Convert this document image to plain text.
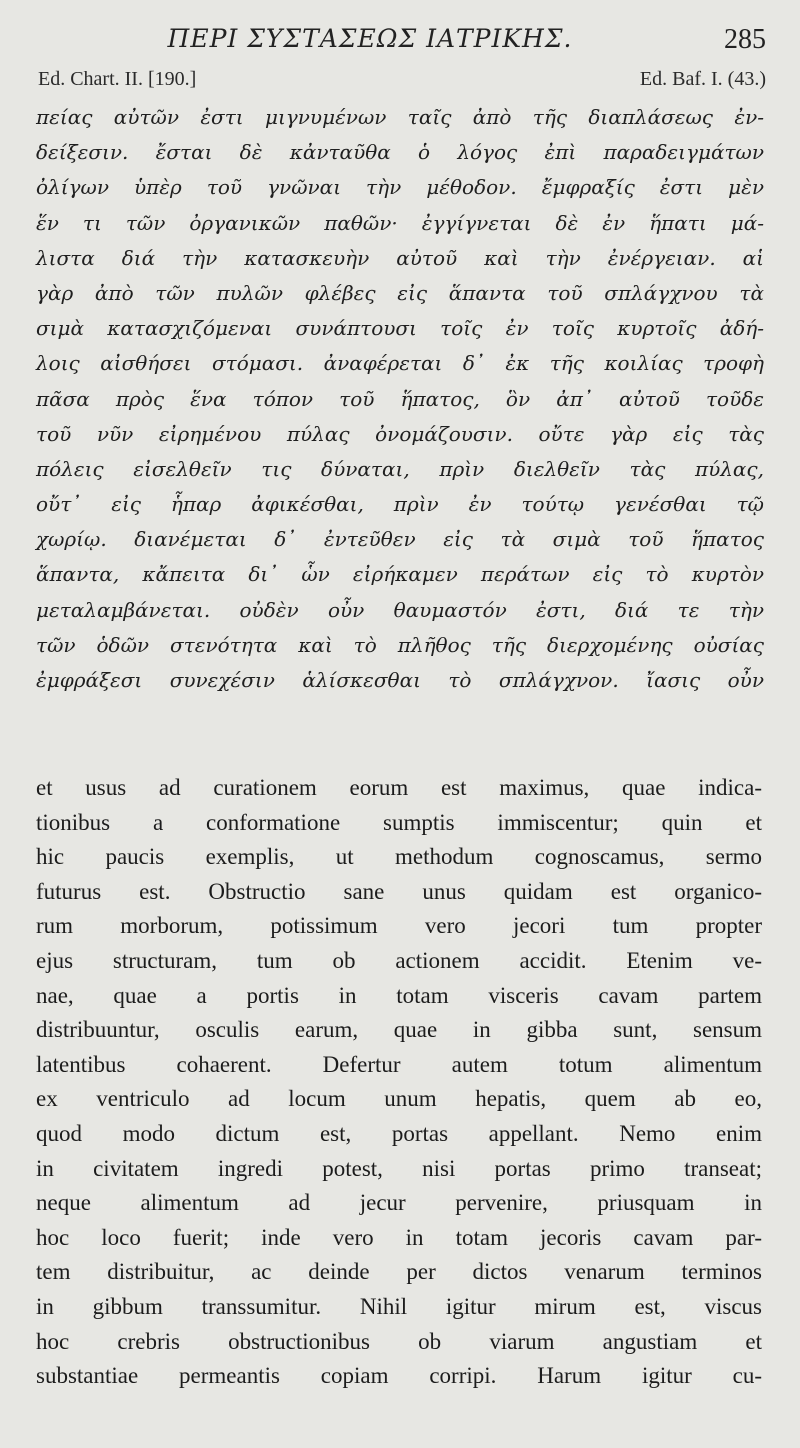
ΠΕΡΙ ΣΥΣΤΑΣΕΩΣ ΙΑΤΡΙΚΗΣ.	285
Ed. Chart. II. [190.]	Ed. Baf. I. (43.)
πείας αὐτῶν ἐστι μιγνυμένων ταῖς ἀπὸ τῆς διαπλάσεως ἐν-
δείξεσιν. ἔσται δὲ κἀνταῦθα ὁ λόγος ἐπὶ παραδειγμάτων
ὀλίγων ὑπὲρ τοῦ γνῶναι τὴν μέθοδον. ἔμφραξίς ἐστι μὲν
ἕν τι τῶν ὀργανικῶν παθῶν· ἐγγίγνεται δὲ ἐν ἥπατι μά-
λιστα διά τὴν κατασκευὴν αὐτοῦ καὶ τὴν ἐνέργειαν. αἱ
γὰρ ἀπὸ τῶν πυλῶν φλέβες εἰς ἅπαντα τοῦ σπλάγχνου τὰ
σιμὰ κατασχιζόμεναι συνάπτουσι τοῖς ἐν τοῖς κυρτοῖς ἀδή-
λοις αἰσθήσει στόμασι. ἀναφέρεται δ᾽ ἐκ τῆς κοιλίας τροφὴ
πᾶσα πρὸς ἕνα τόπον τοῦ ἥπατος, ὃν ἀπ᾽ αὐτοῦ τοῦδε
τοῦ νῦν εἰρημένου πύλας ὀνομάζουσιν. οὔτε γὰρ εἰς τὰς
πόλεις εἰσελθεῖν τις δύναται, πρὶν διελθεῖν τὰς πύλας,
οὔτ᾽ εἰς ἧπαρ ἀφικέσθαι, πρὶν ἐν τούτῳ γενέσθαι τῷ
χωρίῳ. διανέμεται δ᾽ ἐντεῦθεν εἰς τὰ σιμὰ τοῦ ἥπατος
ἅπαντα, κἄπειτα δι᾽ ὧν εἰρήκαμεν περάτων εἰς τὸ κυρτὸν
μεταλαμβάνεται. οὐδὲν οὖν θαυμαστόν ἐστι, διά τε τὴν
τῶν ὁδῶν στενότητα καὶ τὸ πλῆθος τῆς διερχομένης οὐσίας
ἐμφράξεσι συνεχέσιν ἁλίσκεσθαι τὸ σπλάγχνον. ἴασις οὖν
et usus ad curationem eorum est maximus, quae indica-
tionibus a conformatione sumptis immiscentur; quin et
hic paucis exemplis, ut methodum cognoscamus, sermo
futurus est. Obstructio sane unus quidam est organico-
rum morborum, potissimum vero jecori tum propter
ejus structuram, tum ob actionem accidit. Etenim ve-
nae, quae a portis in totam visceris cavam partem
distribuuntur, osculis earum, quae in gibba sunt, sensum
latentibus cohaerent. Defertur autem totum alimentum
ex ventriculo ad locum unum hepatis, quem ab eo,
quod modo dictum est, portas appellant. Nemo enim
in civitatem ingredi potest, nisi portas primo transeat;
neque alimentum ad jecur pervenire, priusquam in
hoc loco fuerit; inde vero in totam jecoris cavam par-
tem distribuitur, ac deinde per dictos venarum terminos
in gibbum transsumitur. Nihil igitur mirum est, viscus
hoc crebris obstructionibus ob viarum angustiam et
substantiae permeantis copiam corripi. Harum igitur cu-
